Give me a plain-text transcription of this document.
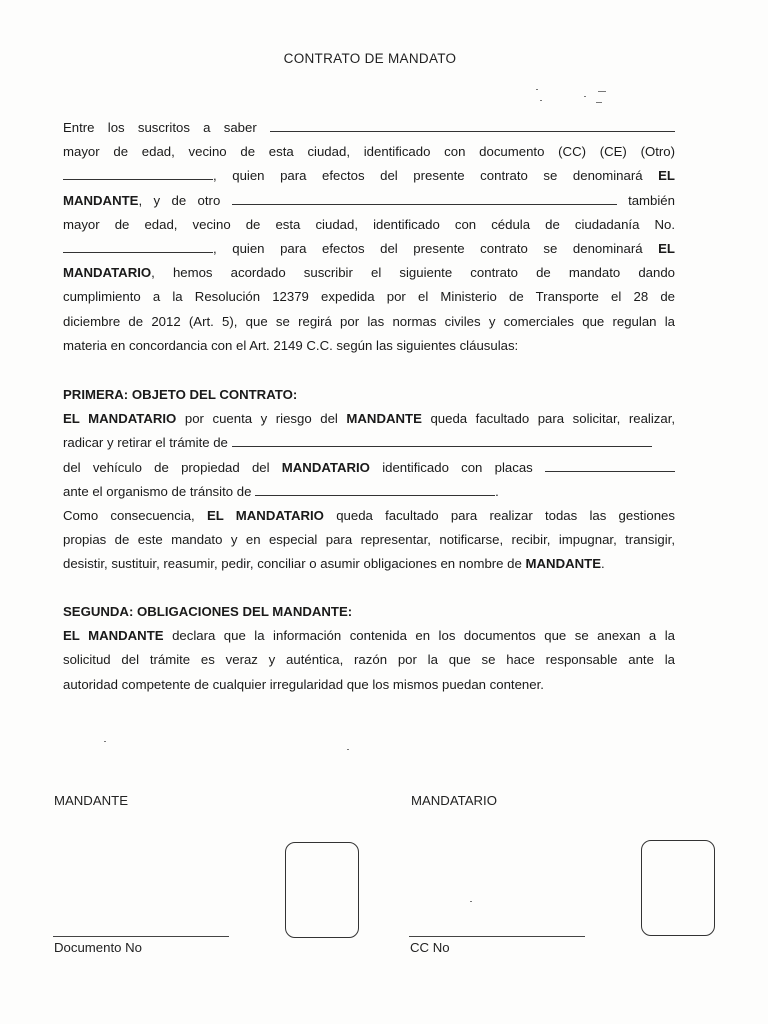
CONTRATO DE MANDATO
Entre los suscritos a saber
mayor de edad, vecino de esta ciudad, identificado con documento (CC) (CE) (Otro)
, quien para efectos del presente contrato se denominará EL
MANDANTE, y de otro	también
mayor de edad, vecino de esta ciudad, identificado con cédula de ciudadanía No.
, quien para efectos del presente contrato se denominará EL
MANDATARIO, hemos acordado suscribir el siguiente contrato de mandato dando
cumplimiento a la Resolución 12379 expedida por el Ministerio de Transporte el 28 de
diciembre de 2012 (Art. 5), que se regirá por las normas civiles y comerciales que regulan la
materia en concordancia con el Art. 2149 C.C. según las siguientes cláusulas:
PRIMERA: OBJETO DEL CONTRATO:
EL MANDATARIO por cuenta y riesgo del MANDANTE queda facultado para solicitar, realizar,
radicar y retirar el trámite de
del vehículo de propiedad del MANDATARIO identificado con placas
ante el organismo de tránsito de	.
Como consecuencia, EL MANDATARIO queda facultado para realizar todas las gestiones
propias de este mandato y en especial para representar, notificarse, recibir, impugnar, transigir,
desistir, sustituir, reasumir, pedir, conciliar o asumir obligaciones en nombre de MANDANTE.
SEGUNDA: OBLIGACIONES DEL MANDANTE:
EL MANDANTE declara que la información contenida en los documentos que se anexan a la
solicitud del trámite es veraz y auténtica, razón por la que se hace responsable ante la
autoridad competente de cualquier irregularidad que los mismos puedan contener.
MANDANTE	MANDATARIO
Documento No	CC No
